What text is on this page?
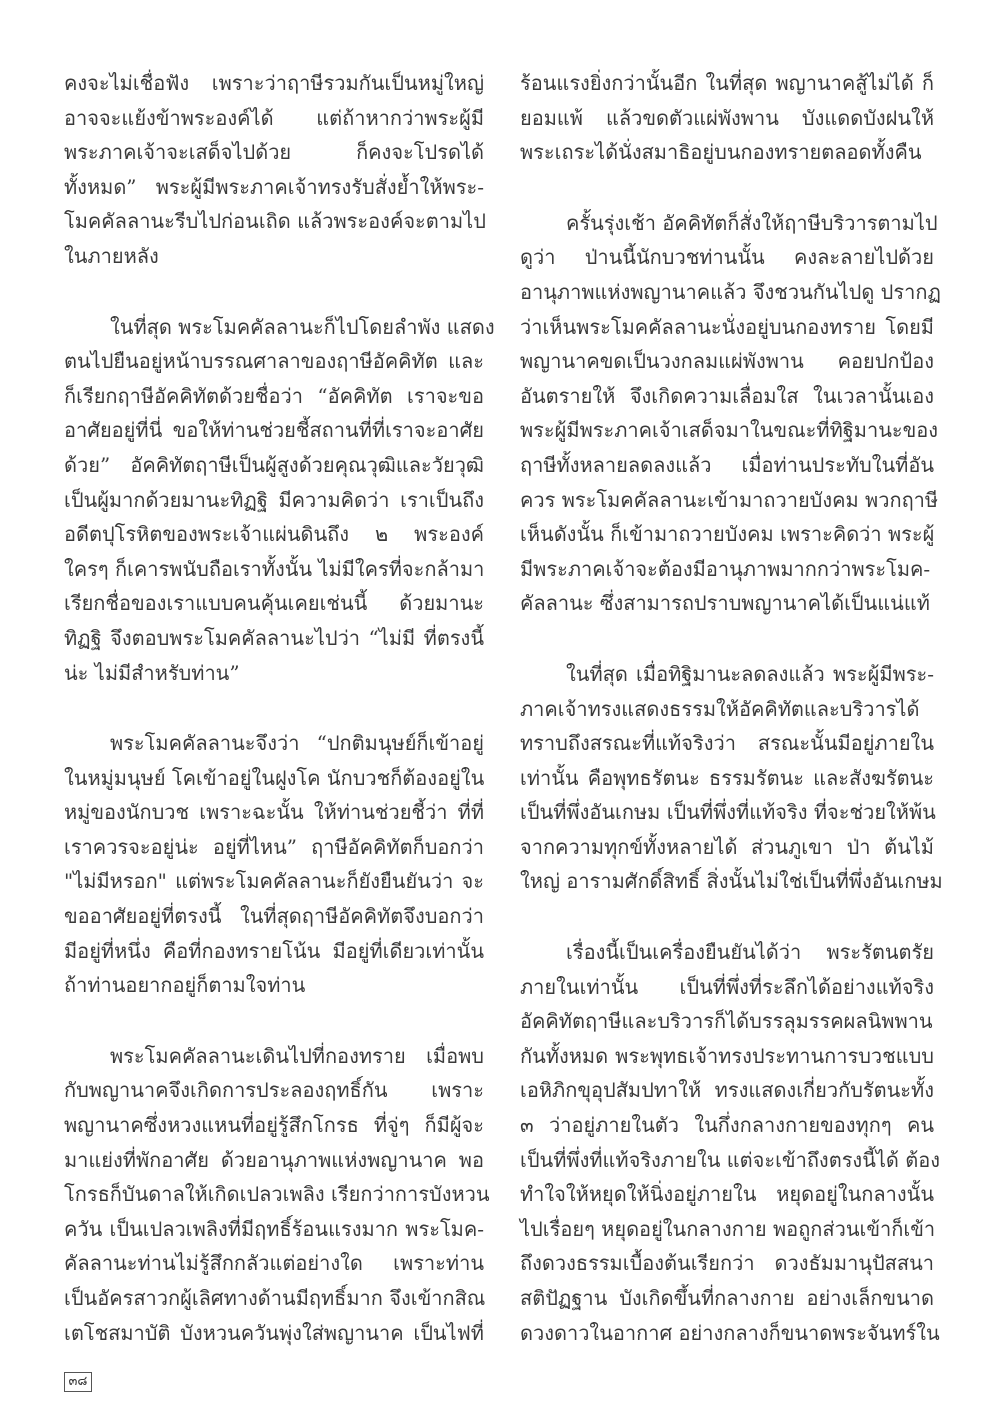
คงจะไม่เชื่อฟัง เพราะว่าฤาษีรวมกันเป็นหมู่ใหญ่
อาจจะแย้งข้าพระองค์ได้ แต่ถ้าหากว่าพระผู้มี
พระภาคเจ้าจะเสด็จไปด้วย ก็คงจะโปรดได้
ทั้งหมด” พระผู้มีพระภาคเจ้าทรงรับสั่งย้ำให้พระ-
โมคคัลลานะรีบไปก่อนเถิด แล้วพระองค์จะตามไป
ในภายหลัง
ในที่สุด พระโมคคัลลานะก็ไปโดยลำพัง แสดง
ตนไปยืนอยู่หน้าบรรณศาลาของฤาษีอัคคิทัต และ
ก็เรียกฤาษีอัคคิทัตด้วยชื่อว่า “อัคคิทัต เราจะขอ
อาศัยอยู่ที่นี่ ขอให้ท่านช่วยชี้สถานที่ที่เราจะอาศัย
ด้วย” อัคคิทัตฤาษีเป็นผู้สูงด้วยคุณวุฒิและวัยวุฒิ
เป็นผู้มากด้วยมานะทิฏฐิ มีความคิดว่า เราเป็นถึง
อดีตปุโรหิตของพระเจ้าแผ่นดินถึง ๒ พระองค์
ใครๆ ก็เคารพนับถือเราทั้งนั้น ไม่มีใครที่จะกล้ามา
เรียกชื่อของเราแบบคนคุ้นเคยเช่นนี้ ด้วยมานะ
ทิฏฐิ จึงตอบพระโมคคัลลานะไปว่า “ไม่มี ที่ตรงนี้
น่ะ ไม่มีสำหรับท่าน”
พระโมคคัลลานะจึงว่า “ปกติมนุษย์ก็เข้าอยู่
ในหมู่มนุษย์ โคเข้าอยู่ในฝูงโค นักบวชก็ต้องอยู่ใน
หมู่ของนักบวช เพราะฉะนั้น ให้ท่านช่วยชี้ว่า ที่ที่
เราควรจะอยู่น่ะ อยู่ที่ไหน” ฤาษีอัคคิทัตก็บอกว่า
"ไม่มีหรอก" แต่พระโมคคัลลานะก็ยังยืนยันว่า จะ
ขออาศัยอยู่ที่ตรงนี้ ในที่สุดฤาษีอัคคิทัตจึงบอกว่า
มีอยู่ที่หนึ่ง คือที่กองทรายโน้น มีอยู่ที่เดียวเท่านั้น
ถ้าท่านอยากอยู่ก็ตามใจท่าน
พระโมคคัลลานะเดินไปที่กองทราย เมื่อพบ
กับพญานาคจึงเกิดการประลองฤทธิ์กัน เพราะ
พญานาคซึ่งหวงแหนที่อยู่รู้สึกโกรธ ที่จู่ๆ ก็มีผู้จะ
มาแย่งที่พักอาศัย ด้วยอานุภาพแห่งพญานาค พอ
โกรธก็บันดาลให้เกิดเปลวเพลิง เรียกว่าการบังหวน
ควัน เป็นเปลวเพลิงที่มีฤทธิ์ร้อนแรงมาก พระโมค-
คัลลานะท่านไม่รู้สึกกลัวแต่อย่างใด เพราะท่าน
เป็นอัครสาวกผู้เลิศทางด้านมีฤทธิ์มาก จึงเข้ากสิณ
เตโชสมาบัติ บังหวนควันพุ่งใส่พญานาค เป็นไฟที่
ร้อนแรงยิ่งกว่านั้นอีก ในที่สุด พญานาคสู้ไม่ได้ ก็
ยอมแพ้ แล้วขดตัวแผ่พังพาน บังแดดบังฝนให้
พระเถระได้นั่งสมาธิอยู่บนกองทรายตลอดทั้งคืน
ครั้นรุ่งเช้า อัคคิทัตก็สั่งให้ฤาษีบริวารตามไป
ดูว่า ป่านนี้นักบวชท่านนั้น คงละลายไปด้วย
อานุภาพแห่งพญานาคแล้ว จึงชวนกันไปดู ปรากฏ
ว่าเห็นพระโมคคัลลานะนั่งอยู่บนกองทราย โดยมี
พญานาคขดเป็นวงกลมแผ่พังพาน คอยปกป้อง
อันตรายให้ จึงเกิดความเลื่อมใส ในเวลานั้นเอง
พระผู้มีพระภาคเจ้าเสด็จมาในขณะที่ทิฐิมานะของ
ฤาษีทั้งหลายลดลงแล้ว เมื่อท่านประทับในที่อัน
ควร พระโมคคัลลานะเข้ามาถวายบังคม พวกฤาษี
เห็นดังนั้น ก็เข้ามาถวายบังคม เพราะคิดว่า พระผู้
มีพระภาคเจ้าจะต้องมีอานุภาพมากกว่าพระโมค-
คัลลานะ ซึ่งสามารถปราบพญานาคได้เป็นแน่แท้
ในที่สุด เมื่อทิฐิมานะลดลงแล้ว พระผู้มีพระ-
ภาคเจ้าทรงแสดงธรรมให้อัคคิทัตและบริวารได้
ทราบถึงสรณะที่แท้จริงว่า สรณะนั้นมีอยู่ภายใน
เท่านั้น คือพุทธรัตนะ ธรรมรัตนะ และสังฆรัตนะ
เป็นที่พึ่งอันเกษม เป็นที่พึ่งที่แท้จริง ที่จะช่วยให้พ้น
จากความทุกข์ทั้งหลายได้ ส่วนภูเขา ป่า ต้นไม้
ใหญ่ อารามศักดิ์สิทธิ์ สิ่งนั้นไม่ใช่เป็นที่พึ่งอันเกษม
เรื่องนี้เป็นเครื่องยืนยันได้ว่า พระรัตนตรัย
ภายในเท่านั้น เป็นที่พึ่งที่ระลึกได้อย่างแท้จริง
อัคคิทัตฤาษีและบริวารก็ได้บรรลุมรรคผลนิพพาน
กันทั้งหมด พระพุทธเจ้าทรงประทานการบวชแบบ
เอหิภิกขุอุปสัมปทาให้ ทรงแสดงเกี่ยวกับรัตนะทั้ง
๓ ว่าอยู่ภายในตัว ในกึ่งกลางกายของทุกๆ คน
เป็นที่พึ่งที่แท้จริงภายใน แต่จะเข้าถึงตรงนี้ได้ ต้อง
ทำใจให้หยุดให้นิ่งอยู่ภายใน หยุดอยู่ในกลางนั้น
ไปเรื่อยๆ หยุดอยู่ในกลางกาย พอถูกส่วนเข้าก็เข้า
ถึงดวงธรรมเบื้องต้นเรียกว่า ดวงธัมมานุปัสสนา
สติปัฏฐาน บังเกิดขึ้นที่กลางกาย อย่างเล็กขนาด
ดวงดาวในอากาศ อย่างกลางก็ขนาดพระจันทร์ใน
๓๘
